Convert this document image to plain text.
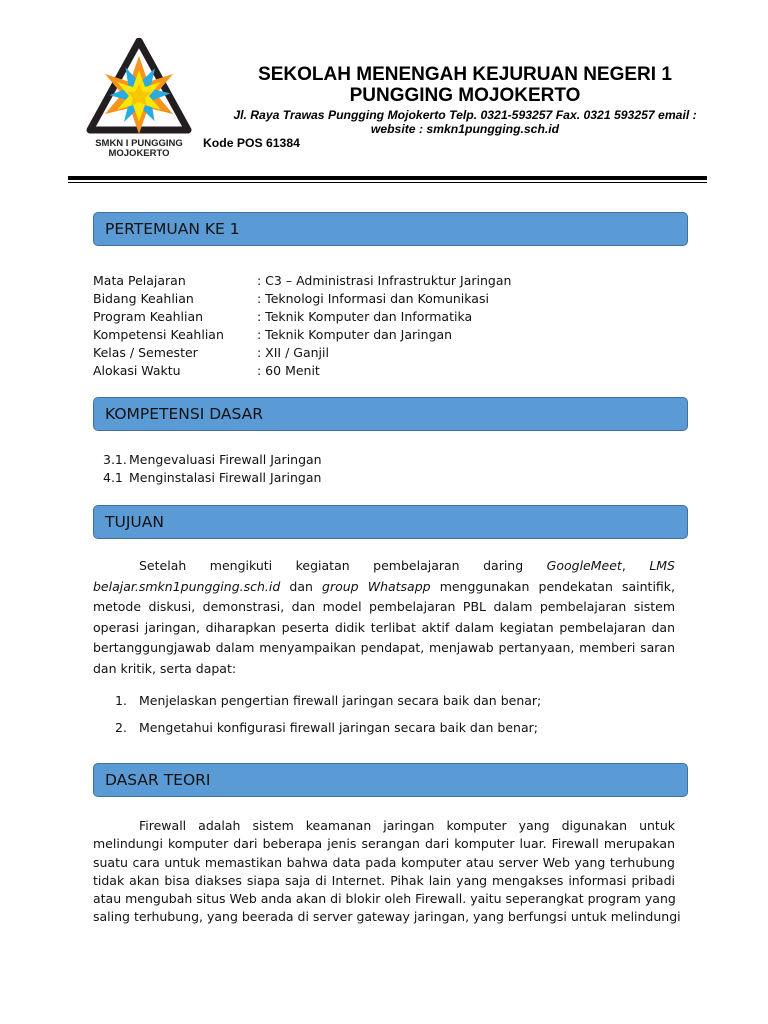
SMKN I PUNGGING
MOJOKERTO
SEKOLAH MENENGAH KEJURUAN NEGERI 1
PUNGGING MOJOKERTO
Jl. Raya Trawas Pungging Mojokerto Telp. 0321-593257 Fax. 0321 593257 email :
website : smkn1pungging.sch.id
Kode POS 61384
PERTEMUAN KE 1
Mata Pelajaran	: C3 – Administrasi Infrastruktur Jaringan
Bidang Keahlian	: Teknologi Informasi dan Komunikasi
Program Keahlian	: Teknik Komputer dan Informatika
Kompetensi Keahlian	: Teknik Komputer dan Jaringan
Kelas / Semester	: XII / Ganjil
Alokasi Waktu	: 60 Menit
KOMPETENSI DASAR
3.1. Mengevaluasi Firewall Jaringan
4.1 Menginstalasi Firewall Jaringan
TUJUAN
Setelah mengikuti kegiatan pembelajaran daring GoogleMeet, LMS
belajar.smkn1pungging.sch.id dan group Whatsapp menggunakan pendekatan saintifik,
metode diskusi, demonstrasi, dan model pembelajaran PBL dalam pembelajaran sistem
operasi jaringan, diharapkan peserta didik terlibat aktif dalam kegiatan pembelajaran dan
bertanggungjawab dalam menyampaikan pendapat, menjawab pertanyaan, memberi saran
dan kritik, serta dapat:
1. Menjelaskan pengertian firewall jaringan secara baik dan benar;
2. Mengetahui konfigurasi firewall jaringan secara baik dan benar;
DASAR TEORI
Firewall adalah sistem keamanan jaringan komputer yang digunakan untuk
melindungi komputer dari beberapa jenis serangan dari komputer luar. Firewall merupakan
suatu cara untuk memastikan bahwa data pada komputer atau server Web yang terhubung
tidak akan bisa diakses siapa saja di Internet. Pihak lain yang mengakses informasi pribadi
atau mengubah situs Web anda akan di blokir oleh Firewall. yaitu seperangkat program yang
saling terhubung, yang beerada di server gateway jaringan, yang berfungsi untuk melindungi
